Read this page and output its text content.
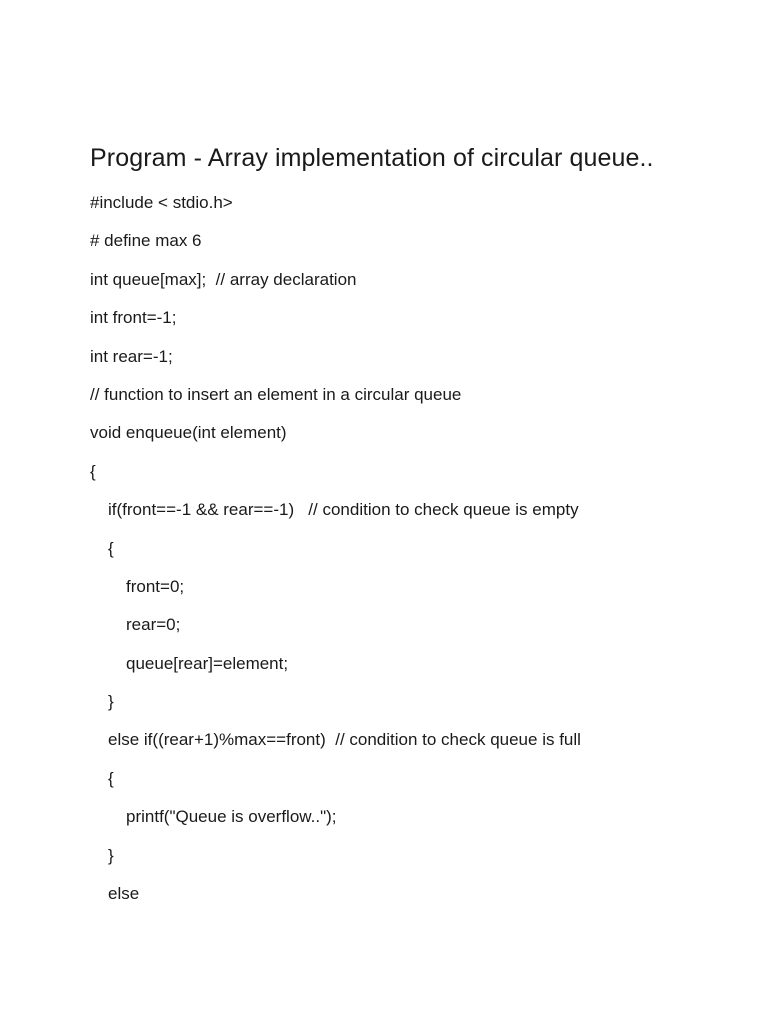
Program - Array implementation of circular queue..
#include < stdio.h>
# define max 6
int queue[max];  // array declaration
int front=-1;
int rear=-1;
// function to insert an element in a circular queue
void enqueue(int element)
{
if(front==-1 && rear==-1)   // condition to check queue is empty
{
front=0;
rear=0;
queue[rear]=element;
}
else if((rear+1)%max==front)  // condition to check queue is full
{
printf("Queue is overflow..");
}
else
